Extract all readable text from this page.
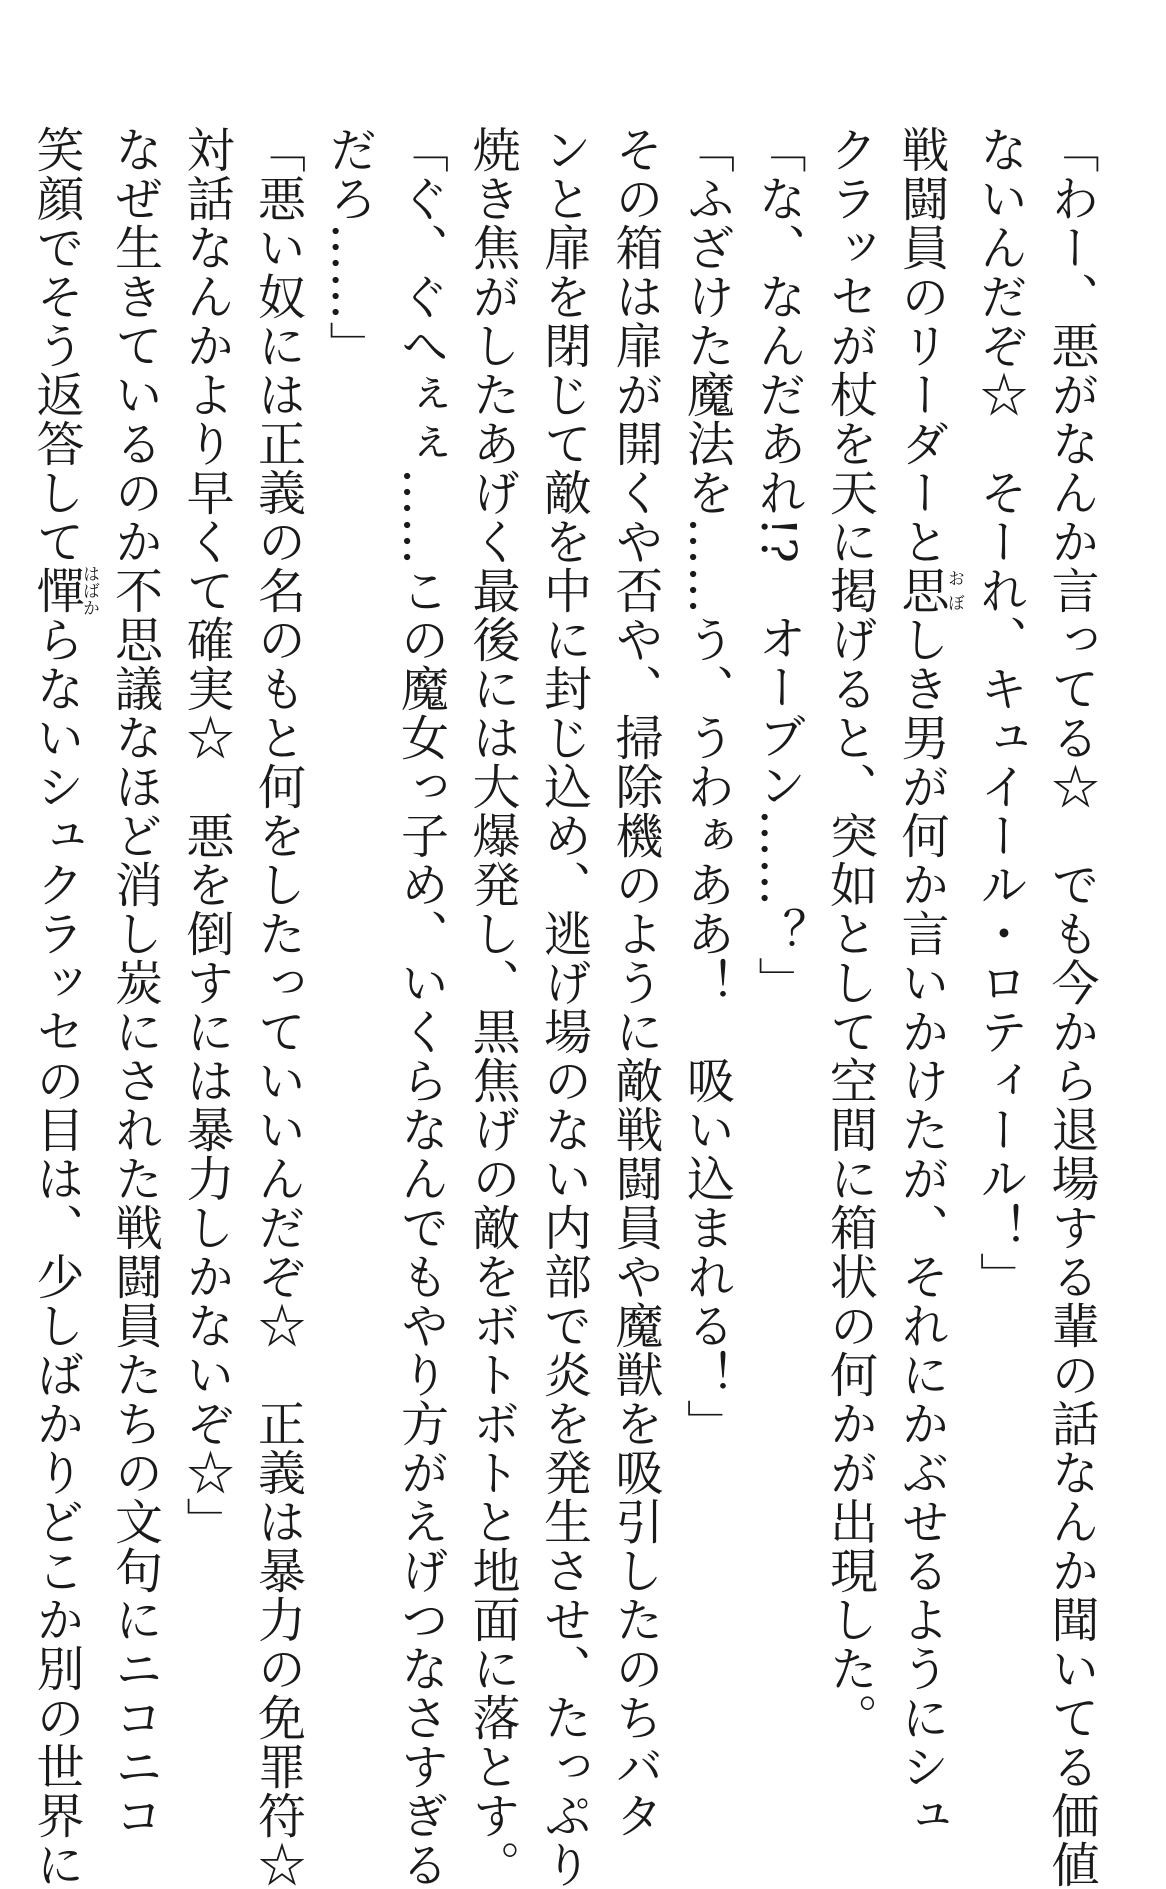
「わー、悪がなんか言ってる☆　でも今から退場する輩の話なんか聞いてる価値

ないんだぞ☆　そーれ、キュイール・ロティール！」

戦闘員のリーダーと思おぼしき男が何か言いかけたが、それにかぶせるようにシュ

クラッセが杖を天に掲げると、突如として空間に箱状の何かが出現した。

「な、なんだあれ!?　オーブン……？」

「ふざけた魔法を……う、うわぁああ！　吸い込まれる！」

その箱は扉が開くや否や、掃除機のように敵戦闘員や魔獣を吸引したのちバタ

ンと扉を閉じて敵を中に封じ込め、逃げ場のない内部で炎を発生させ、たっぷり

焼き焦がしたあげく最後には大爆発し、黒焦げの敵をボトボトと地面に落とす。

「ぐ、ぐへぇぇ……この魔女っ子め、いくらなんでもやり方がえげつなさすぎる

だろ……」

「悪い奴には正義の名のもと何をしたっていいんだぞ☆　正義は暴力の免罪符☆

対話なんかより早くて確実☆　悪を倒すには暴力しかないぞ☆」

なぜ生きているのか不思議なほど消し炭にされた戦闘員たちの文句にニコニコ

笑顔でそう返答して憚はばからないシュクラッセの目は、少しばかりどこか別の世界に
